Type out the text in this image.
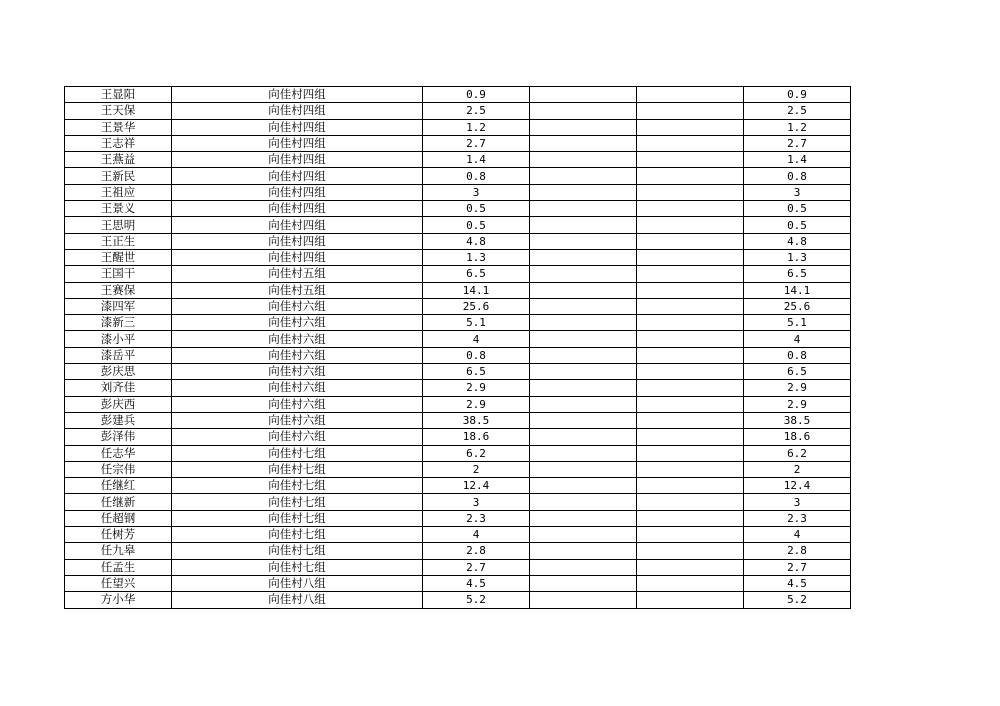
王显阳	向佳村四组	0.9			0.9
王天保	向佳村四组	2.5			2.5
王景华	向佳村四组	1.2			1.2
王志祥	向佳村四组	2.7			2.7
王燕益	向佳村四组	1.4			1.4
王新民	向佳村四组	0.8			0.8
王祖应	向佳村四组	3			3
王景义	向佳村四组	0.5			0.5
王思明	向佳村四组	0.5			0.5
王正生	向佳村四组	4.8			4.8
王醒世	向佳村四组	1.3			1.3
王国干	向佳村五组	6.5			6.5
王赛保	向佳村五组	14.1			14.1
漆四军	向佳村六组	25.6			25.6
漆新三	向佳村六组	5.1			5.1
漆小平	向佳村六组	4			4
漆岳平	向佳村六组	0.8			0.8
彭庆思	向佳村六组	6.5			6.5
刘齐佳	向佳村六组	2.9			2.9
彭庆西	向佳村六组	2.9			2.9
彭建兵	向佳村六组	38.5			38.5
彭泽伟	向佳村六组	18.6			18.6
任志华	向佳村七组	6.2			6.2
任宗伟	向佳村七组	2			2
任继红	向佳村七组	12.4			12.4
任继新	向佳村七组	3			3
任超钢	向佳村七组	2.3			2.3
任树芳	向佳村七组	4			4
任九皋	向佳村七组	2.8			2.8
任孟生	向佳村七组	2.7			2.7
任望兴	向佳村八组	4.5			4.5
方小华	向佳村八组	5.2			5.2
